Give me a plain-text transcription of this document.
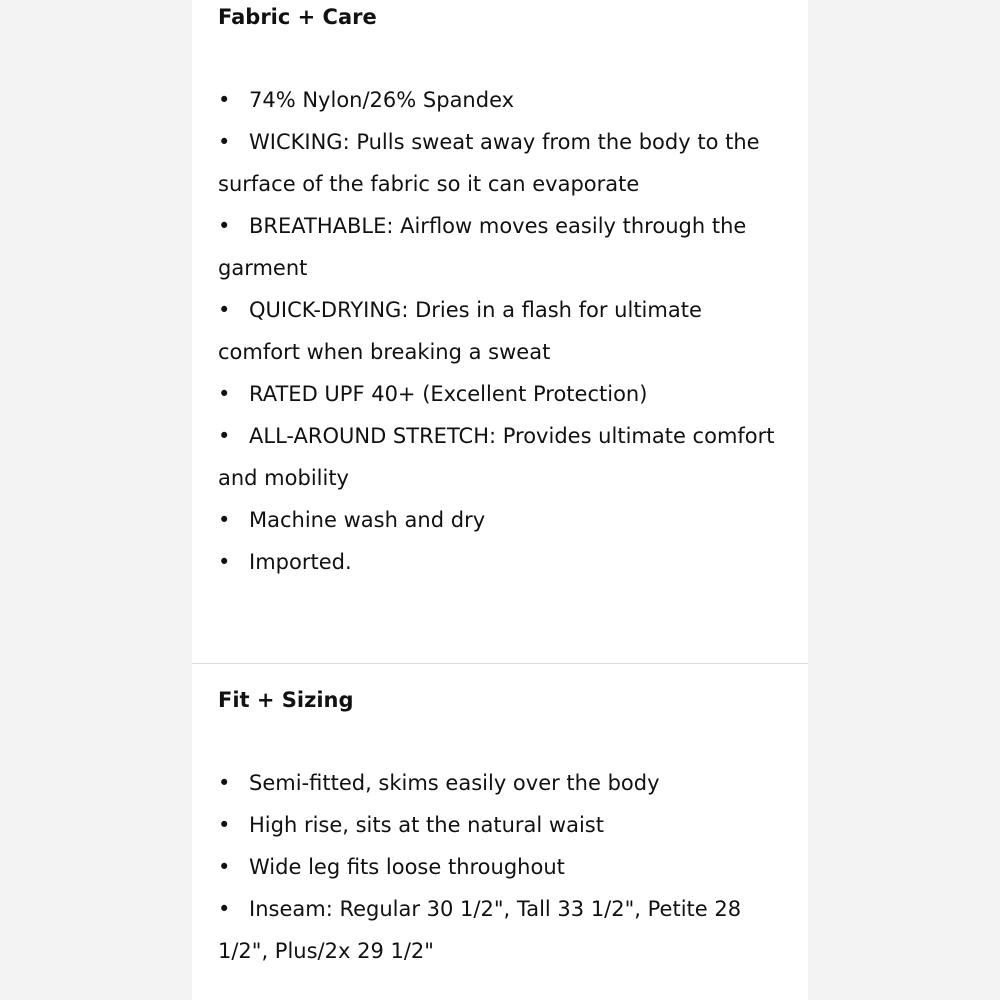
Fabric + Care
• 74% Nylon/26% Spandex
• WICKING: Pulls sweat away from the body to the surface of the fabric so it can evaporate
• BREATHABLE: Airflow moves easily through the garment
• QUICK-DRYING: Dries in a flash for ultimate comfort when breaking a sweat
• RATED UPF 40+ (Excellent Protection)
• ALL-AROUND STRETCH: Provides ultimate comfort and mobility
• Machine wash and dry
• Imported.
Fit + Sizing
• Semi-fitted, skims easily over the body
• High rise, sits at the natural waist
• Wide leg fits loose throughout
• Inseam: Regular 30 1/2", Tall 33 1/2", Petite 28 1/2", Plus/2x 29 1/2"
